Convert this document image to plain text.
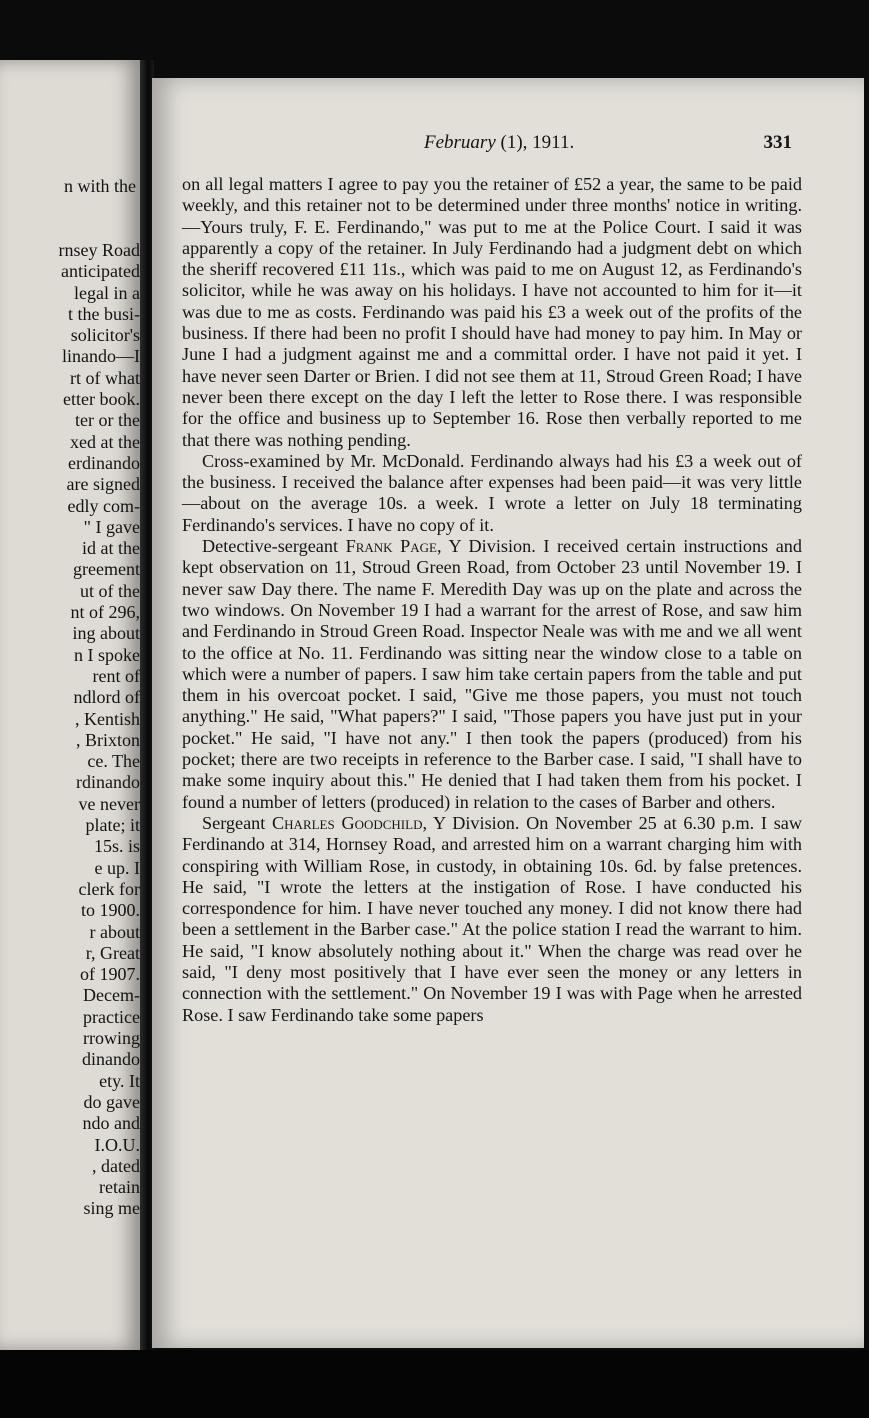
n with the
rnsey Road
anticipated
legal in a
t the busi-
solicitor's
linando—I
rt of what
etter book.
ter or the
xed at the
erdinando
are signed
edly com-
" I gave
id at the
greement
ut of the
nt of 296,
ing about
n I spoke
rent of
ndlord of
, Kentish
, Brixton
ce. The
rdinando
ve never
plate; it
15s. is
e up. I
clerk for
to 1900.
r about
r, Great
of 1907.
Decem-
practice
rrowing
dinando
ety. It
do gave
ndo and
I.O.U.
, dated
retain
sing me
February (1), 1911.	331

on all legal matters I agree to pay you the retainer of £52 a year, the same to be paid weekly, and this retainer not to be determined under three months' notice in writing.—Yours truly, F. E. Ferdinando," was put to me at the Police Court. I said it was apparently a copy of the retainer. In July Ferdinando had a judgment debt on which the sheriff recovered £11 11s., which was paid to me on August 12, as Ferdinando's solicitor, while he was away on his holidays. I have not accounted to him for it—it was due to me as costs. Ferdinando was paid his £3 a week out of the profits of the business. If there had been no profit I should have had money to pay him. In May or June I had a judgment against me and a committal order. I have not paid it yet. I have never seen Darter or Brien. I did not see them at 11, Stroud Green Road; I have never been there except on the day I left the letter to Rose there. I was responsible for the office and business up to September 16. Rose then verbally reported to me that there was nothing pending.

Cross-examined by Mr. McDonald. Ferdinando always had his £3 a week out of the business. I received the balance after expenses had been paid—it was very little—about on the average 10s. a week. I wrote a letter on July 18 terminating Ferdinando's services. I have no copy of it.

Detective-sergeant Frank Page, Y Division. I received certain instructions and kept observation on 11, Stroud Green Road, from October 23 until November 19. I never saw Day there. The name F. Meredith Day was up on the plate and across the two windows. On November 19 I had a warrant for the arrest of Rose, and saw him and Ferdinando in Stroud Green Road. Inspector Neale was with me and we all went to the office at No. 11. Ferdinando was sitting near the window close to a table on which were a number of papers. I saw him take certain papers from the table and put them in his overcoat pocket. I said, "Give me those papers, you must not touch anything." He said, "What papers?" I said, "Those papers you have just put in your pocket." He said, "I have not any." I then took the papers (produced) from his pocket; there are two receipts in reference to the Barber case. I said, "I shall have to make some inquiry about this." He denied that I had taken them from his pocket. I found a number of letters (produced) in relation to the cases of Barber and others.

Sergeant Charles Goodchild, Y Division. On November 25 at 6.30 p.m. I saw Ferdinando at 314, Hornsey Road, and arrested him on a warrant charging him with conspiring with William Rose, in custody, in obtaining 10s. 6d. by false pretences. He said, "I wrote the letters at the instigation of Rose. I have conducted his correspondence for him. I have never touched any money. I did not know there had been a settlement in the Barber case." At the police station I read the warrant to him. He said, "I know absolutely nothing about it." When the charge was read over he said, "I deny most positively that I have ever seen the money or any letters in connection with the settlement." On November 19 I was with Page when he arrested Rose. I saw Ferdinando take some papers
